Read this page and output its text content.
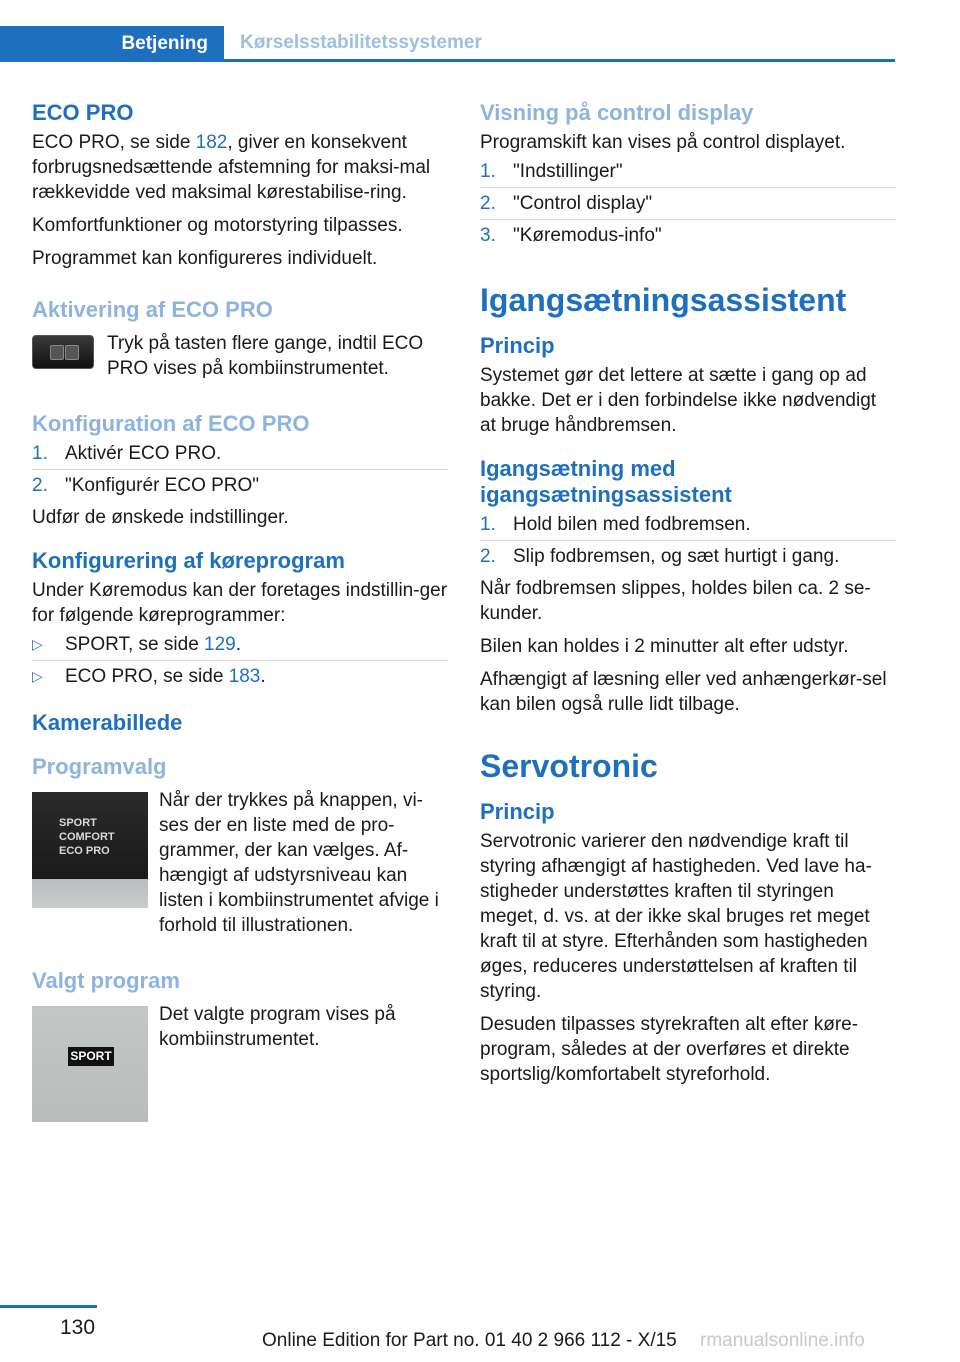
Betjening	Kørselsstabilitetssystemer
ECO PRO

ECO PRO, se side 182, giver en konsekvent forbrugsnedsættende afstemning for maksi-mal rækkevidde ved maksimal kørestabilise-ring.

Komfortfunktioner og motorstyring tilpasses.

Programmet kan konfigureres individuelt.

Aktivering af ECO PRO

Tryk på tasten flere gange, indtil ECO PRO vises på kombiinstrumentet.

Konfiguration af ECO PRO
1. Aktivér ECO PRO.
2. "Konfigurér ECO PRO"

Udfør de ønskede indstillinger.

Konfigurering af køreprogram

Under Køremodus kan der foretages indstillin-ger for følgende køreprogrammer:

▷ SPORT, se side 129.
▷ ECO PRO, se side 183.
Kamerabillede
Programvalg
SPORT
COMFORT
ECO PRO

Når der trykkes på knappen, vi-ses der en liste med de pro-grammer, der kan vælges. Af-hængigt af udstyrsniveau kan listen i kombiinstrumentet afvige i forhold til illustrationen.

Valgt program
SPORT

Det valgte program vises på kombiinstrumentet.

Visning på control display

Programskift kan vises på control displayet.

1. "Indstillinger"
2. "Control display"
3. "Køremodus-info"
Igangsætningsassistent
Princip

Systemet gør det lettere at sætte i gang op ad bakke. Det er i den forbindelse ikke nødvendigt at bruge håndbremsen.

Igangsætning med igangsætningsassistent
1. Hold bilen med fodbremsen.
2. Slip fodbremsen, og sæt hurtigt i gang.

Når fodbremsen slippes, holdes bilen ca. 2 se-kunder.

Bilen kan holdes i 2 minutter alt efter udstyr.

Afhængigt af læsning eller ved anhængerkør-sel kan bilen også rulle lidt tilbage.

Servotronic
Princip

Servotronic varierer den nødvendige kraft til styring afhængigt af hastigheden. Ved lave ha-stigheder understøttes kraften til styringen meget, d. vs. at der ikke skal bruges ret meget kraft til at styre. Efterhånden som hastigheden øges, reduceres understøttelsen af kraften til styring.

Desuden tilpasses styrekraften alt efter køre-program, således at der overføres et direkte sportslig/komfortabelt styreforhold.

130
Online Edition for Part no. 01 40 2 966 112 - X/15 rmanualsonline.info
